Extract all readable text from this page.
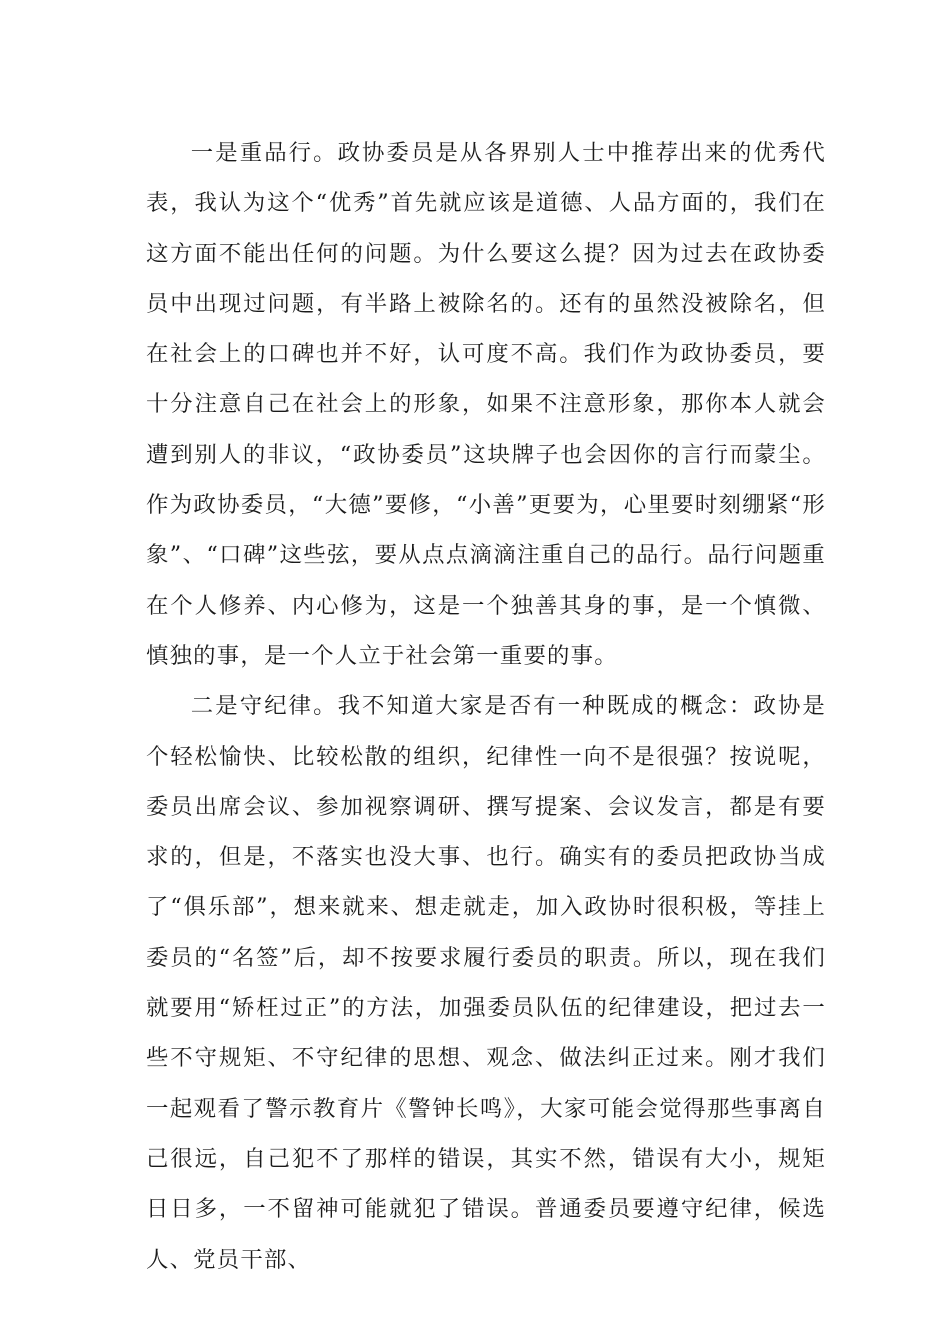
一是重品行。政协委员是从各界别人士中推荐出来的优秀代表，我认为这个“优秀”首先就应该是道德、人品方面的，我们在这方面不能出任何的问题。为什么要这么提？因为过去在政协委员中出现过问题，有半路上被除名的。还有的虽然没被除名，但在社会上的口碑也并不好，认可度不高。我们作为政协委员，要十分注意自己在社会上的形象，如果不注意形象，那你本人就会遭到别人的非议，“政协委员”这块牌子也会因你的言行而蒙尘。作为政协委员，“大德”要修，“小善”更要为，心里要时刻绷紧“形象”、“口碑”这些弦，要从点点滴滴注重自己的品行。品行问题重在个人修养、内心修为，这是一个独善其身的事，是一个慎微、慎独的事，是一个人立于社会第一重要的事。

二是守纪律。我不知道大家是否有一种既成的概念：政协是个轻松愉快、比较松散的组织，纪律性一向不是很强？按说呢，委员出席会议、参加视察调研、撰写提案、会议发言，都是有要求的，但是，不落实也没大事、也行。确实有的委员把政协当成了“俱乐部”，想来就来、想走就走，加入政协时很积极，等挂上委员的“名签”后，却不按要求履行委员的职责。所以，现在我们就要用“矫枉过正”的方法，加强委员队伍的纪律建设，把过去一些不守规矩、不守纪律的思想、观念、做法纠正过来。刚才我们一起观看了警示教育片《警钟长鸣》，大家可能会觉得那些事离自己很远，自己犯不了那样的错误，其实不然，错误有大小，规矩日日多，一不留神可能就犯了错误。普通委员要遵守纪律，候选人、党员干部、
